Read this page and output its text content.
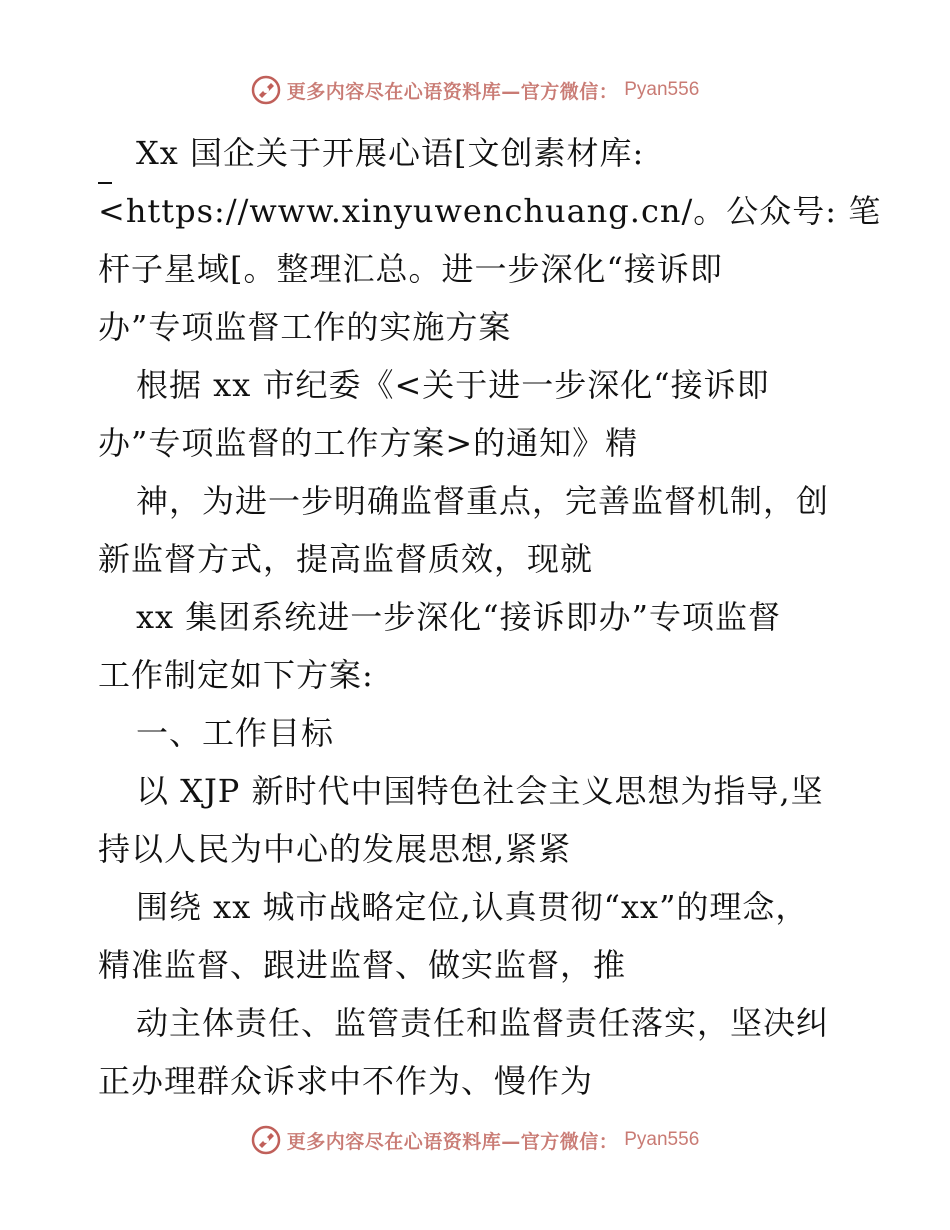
更多内容尽在心语资料库—官方微信： Pyan556
Xx 国企关于开展心语[文创素材库:
<https://www.xinyuwenchuang.cn/。公众号: 笔
杆子星域[。整理汇总。进一步深化“接诉即
办”专项监督工作的实施方案
根据 xx 市纪委《<关于进一步深化“接诉即
办”专项监督的工作方案>的通知》精
神，为进一步明确监督重点，完善监督机制，创
新监督方式，提高监督质效，现就
xx 集团系统进一步深化“接诉即办”专项监督
工作制定如下方案:
一、工作目标
以 XJP 新时代中国特色社会主义思想为指导,坚
持以人民为中心的发展思想,紧紧
围绕 xx 城市战略定位,认真贯彻“xx”的理念，
精准监督、跟进监督、做实监督，推
动主体责任、监管责任和监督责任落实，坚决纠
正办理群众诉求中不作为、慢作为
更多内容尽在心语资料库—官方微信： Pyan556
